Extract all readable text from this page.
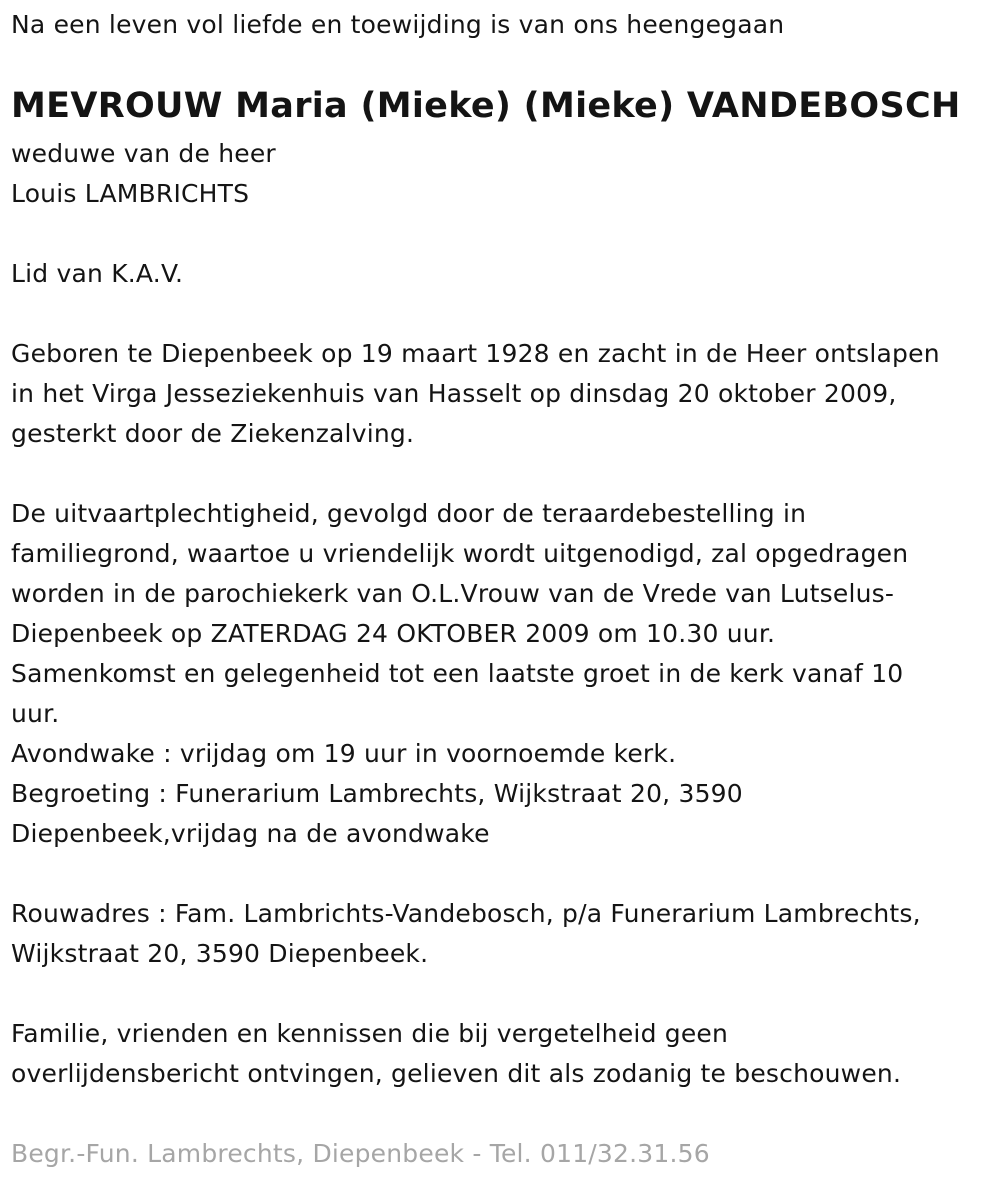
Na een leven vol liefde en toewijding is van ons heengegaan
MEVROUW Maria (Mieke) (Mieke) VANDEBOSCH
weduwe van de heer
Louis LAMBRICHTS
Lid van K.A.V.
Geboren te Diepenbeek op 19 maart 1928 en zacht in de Heer ontslapen
in het Virga Jesseziekenhuis van Hasselt op dinsdag 20 oktober 2009,
gesterkt door de Ziekenzalving.
De uitvaartplechtigheid, gevolgd door de teraardebestelling in
familiegrond, waartoe u vriendelijk wordt uitgenodigd, zal opgedragen
worden in de parochiekerk van O.L.Vrouw van de Vrede van Lutselus-
Diepenbeek op ZATERDAG 24 OKTOBER 2009 om 10.30 uur.
Samenkomst en gelegenheid tot een laatste groet in de kerk vanaf 10
uur.
Avondwake : vrijdag om 19 uur in voornoemde kerk.
Begroeting : Funerarium Lambrechts, Wijkstraat 20, 3590
Diepenbeek,vrijdag na de avondwake
Rouwadres : Fam. Lambrichts-Vandebosch, p/a Funerarium Lambrechts,
Wijkstraat 20, 3590 Diepenbeek.
Familie, vrienden en kennissen die bij vergetelheid geen
overlijdensbericht ontvingen, gelieven dit als zodanig te beschouwen.
Begr.-Fun. Lambrechts, Diepenbeek - Tel. 011/32.31.56
